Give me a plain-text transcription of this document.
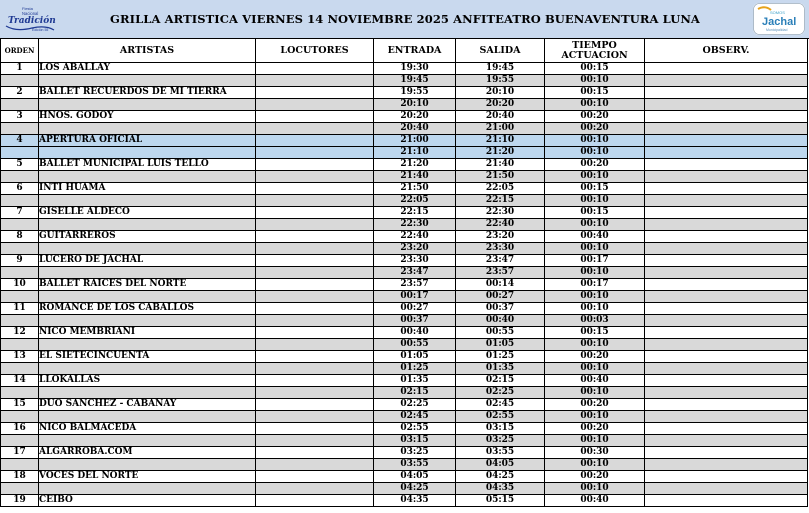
Fiesta
Nacional
Tradición
Edición 55
GRILLA ARTISTICA VIERNES 14 NOVIEMBRE 2025 ANFITEATRO BUENAVENTURA LUNA	SOMOS
Jachal
Municipalidad
ORDEN	ARTISTAS	LOCUTORES	ENTRADA	SALIDA	TIEMPO ACTUACION	OBSERV.
1	LOS ABALLAY		19:30	19:45	00:15	
			19:45	19:55	00:10	
2	BALLET RECUERDOS DE MI TIERRA		19:55	20:10	00:15	
			20:10	20:20	00:10	
3	HNOS. GODOY		20:20	20:40	00:20	
			20:40	21:00	00:20	
4	APERTURA OFICIAL		21:00	21:10	00:10	
			21:10	21:20	00:10	
5	BALLET MUNICIPAL LUIS TELLO		21:20	21:40	00:20	
			21:40	21:50	00:10	
6	INTI HUAMA		21:50	22:05	00:15	
			22:05	22:15	00:10	
7	GISELLE ALDECO		22:15	22:30	00:15	
			22:30	22:40	00:10	
8	GUITARREROS		22:40	23:20	00:40	
			23:20	23:30	00:10	
9	LUCERO DE JACHAL		23:30	23:47	00:17	
			23:47	23:57	00:10	
10	BALLET RAICES DEL NORTE		23:57	00:14	00:17	
			00:17	00:27	00:10	
11	ROMANCE DE LOS CABALLOS		00:27	00:37	00:10	
			00:37	00:40	00:03	
12	NICO MEMBRIANI		00:40	00:55	00:15	
			00:55	01:05	00:10	
13	EL SIETECINCUENTA		01:05	01:25	00:20	
			01:25	01:35	00:10	
14	LLOKALLAS		01:35	02:15	00:40	
			02:15	02:25	00:10	
15	DUO SANCHEZ - CABANAY		02:25	02:45	00:20	
			02:45	02:55	00:10	
16	NICO BALMACEDA		02:55	03:15	00:20	
			03:15	03:25	00:10	
17	ALGARROBA.COM		03:25	03:55	00:30	
			03:55	04:05	00:10	
18	VOCES DEL NORTE		04:05	04:25	00:20	
			04:25	04:35	00:10	
19	CEIBO		04:35	05:15	00:40	
